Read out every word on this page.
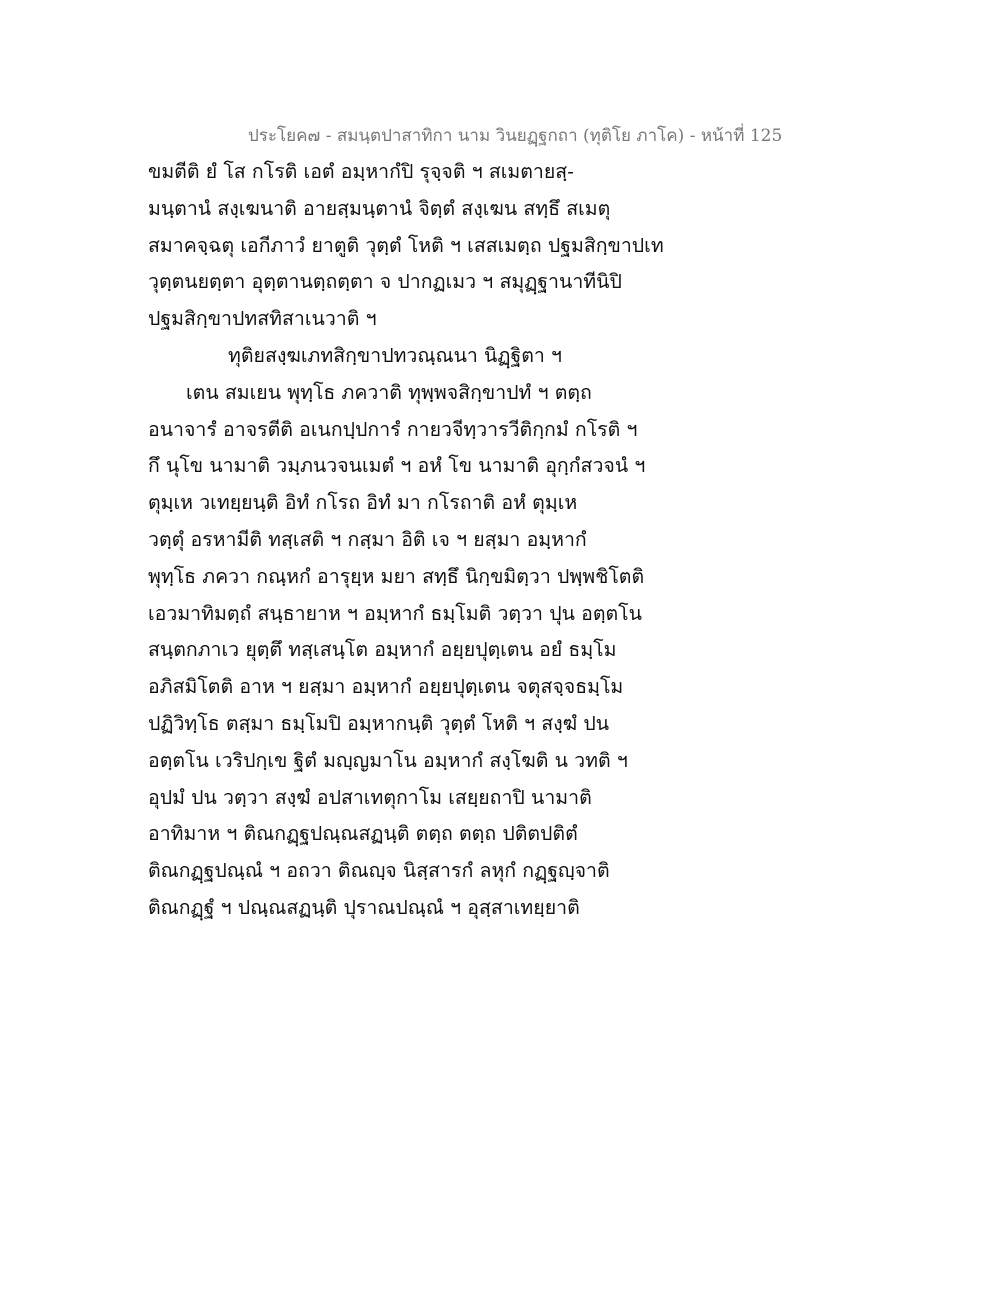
ประโยค๗ - สมนฺตปาสาทิกา นาม วินยฏฺฐกถา (ทุติโย ภาโค) - หน้าที่ 125
ขมตีติ ยํ โส กโรติ เอตํ อมฺหากํปิ รุจฺจติ ฯ สเมตายสฺ-
มนฺตานํ สงฺเฆนาติ อายสฺมนฺตานํ จิตฺตํ สงฺเฆน สทฺธึ สเมตุ
สมาคจฺฉตุ เอกีภาวํ ยาตูติ วุตฺตํ โหติ ฯ เสสเมตฺถ ปฐมสิกฺขาปเท
วุตฺตนยตฺตา อุตฺตานตฺถตฺตา จ ปากฏเมว ฯ สมุฏฺฐานาทีนิปิ
ปฐมสิกฺขาปทสทิสาเนวาติ ฯ
ทุติยสงฺฆเภทสิกฺขาปทวณฺณนา นิฏฺฐิตา ฯ
เตน สมเยน พุทฺโธ ภควาติ ทุพฺพจสิกฺขาปทํ ฯ ตตฺถ
อนาจารํ อาจรตีติ อเนกปฺปการํ กายวจีทฺวารวีติกฺกมํ กโรติ ฯ
กึ นุโข นามาติ วมฺภนวจนเมตํ ฯ อหํ โข นามาติ อุกฺกํสวจนํ ฯ
ตุมฺเห วเทยฺยนฺติ อิทํ กโรถ อิทํ มา กโรถาติ อหํ ตุมฺเห
วตฺตุํ อรหามีติ ทสฺเสติ ฯ กสฺมา อิติ เจ ฯ ยสฺมา อมฺหากํ
พุทฺโธ ภควา กณฺหกํ อารุยฺห มยา สทฺธึ นิกฺขมิตฺวา ปพฺพชิโตติ
เอวมาทิมตฺถํ สนฺธายาห ฯ อมฺหากํ ธมฺโมติ วตฺวา ปุน อตฺตโน
สนฺตกภาเว ยุตฺตึ ทสฺเสนฺโต อมฺหากํ อยฺยปุตฺเตน อยํ ธมฺโม
อภิสมิโตติ อาห ฯ ยสฺมา อมฺหากํ อยฺยปุตฺเตน จตุสจฺจธมฺโม
ปฏิวิทฺโธ ตสฺมา ธมฺโมปิ อมฺหากนฺติ วุตฺตํ โหติ ฯ สงฺฆํ ปน
อตฺตโน เวริปกฺเข ฐิตํ มญฺญมาโน อมฺหากํ สงฺโฆติ น วทติ ฯ
อุปมํ ปน วตฺวา สงฺฆํ อปสาเทตุกาโม เสยฺยถาปิ นามาติ
อาทิมาห ฯ ติณกฏฺฐปณฺณสฏนฺติ ตตฺถ ตตฺถ ปติตปติตํ
ติณกฏฺฐปณฺณํ ฯ อถวา ติณญฺจ นิสฺสารกํ ลหุกํ กฏฺฐญฺจาติ
ติณกฏฺฐํ ฯ ปณฺณสฏนฺติ ปุราณปณฺณํ ฯ อุสฺสาเทยฺยาติ
